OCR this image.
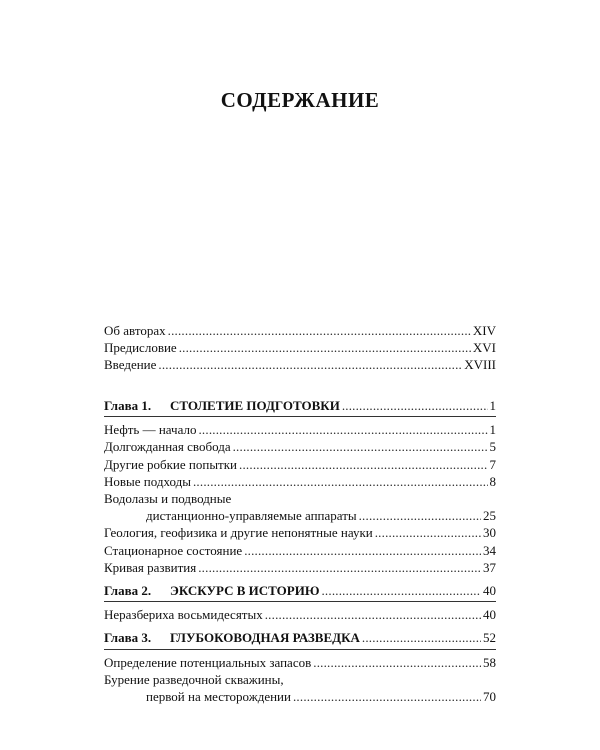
СОДЕРЖАНИЕ
Об авторах .....	XIV
Предисловие .....	XVI
Введение .....	XVIII
Глава 1. СТОЛЕТИЕ ПОДГОТОВКИ .....	1
Нефть — начало .....	1
Долгожданная свобода .....	5
Другие робкие попытки .....	7
Новые подходы .....	8
Водолазы и подводные
дистанционно-управляемые аппараты .....	25
Геология, геофизика и другие непонятные науки .....	30
Стационарное состояние .....	34
Кривая развития .....	37
Глава 2. ЭКСКУРС В ИСТОРИЮ .....	40
Неразбериха восьмидесятых .....	40
Глава 3. ГЛУБОКОВОДНАЯ РАЗВЕДКА .....	52
Определение потенциальных запасов .....	58
Бурение разведочной скважины,
первой на месторождении .....	70
